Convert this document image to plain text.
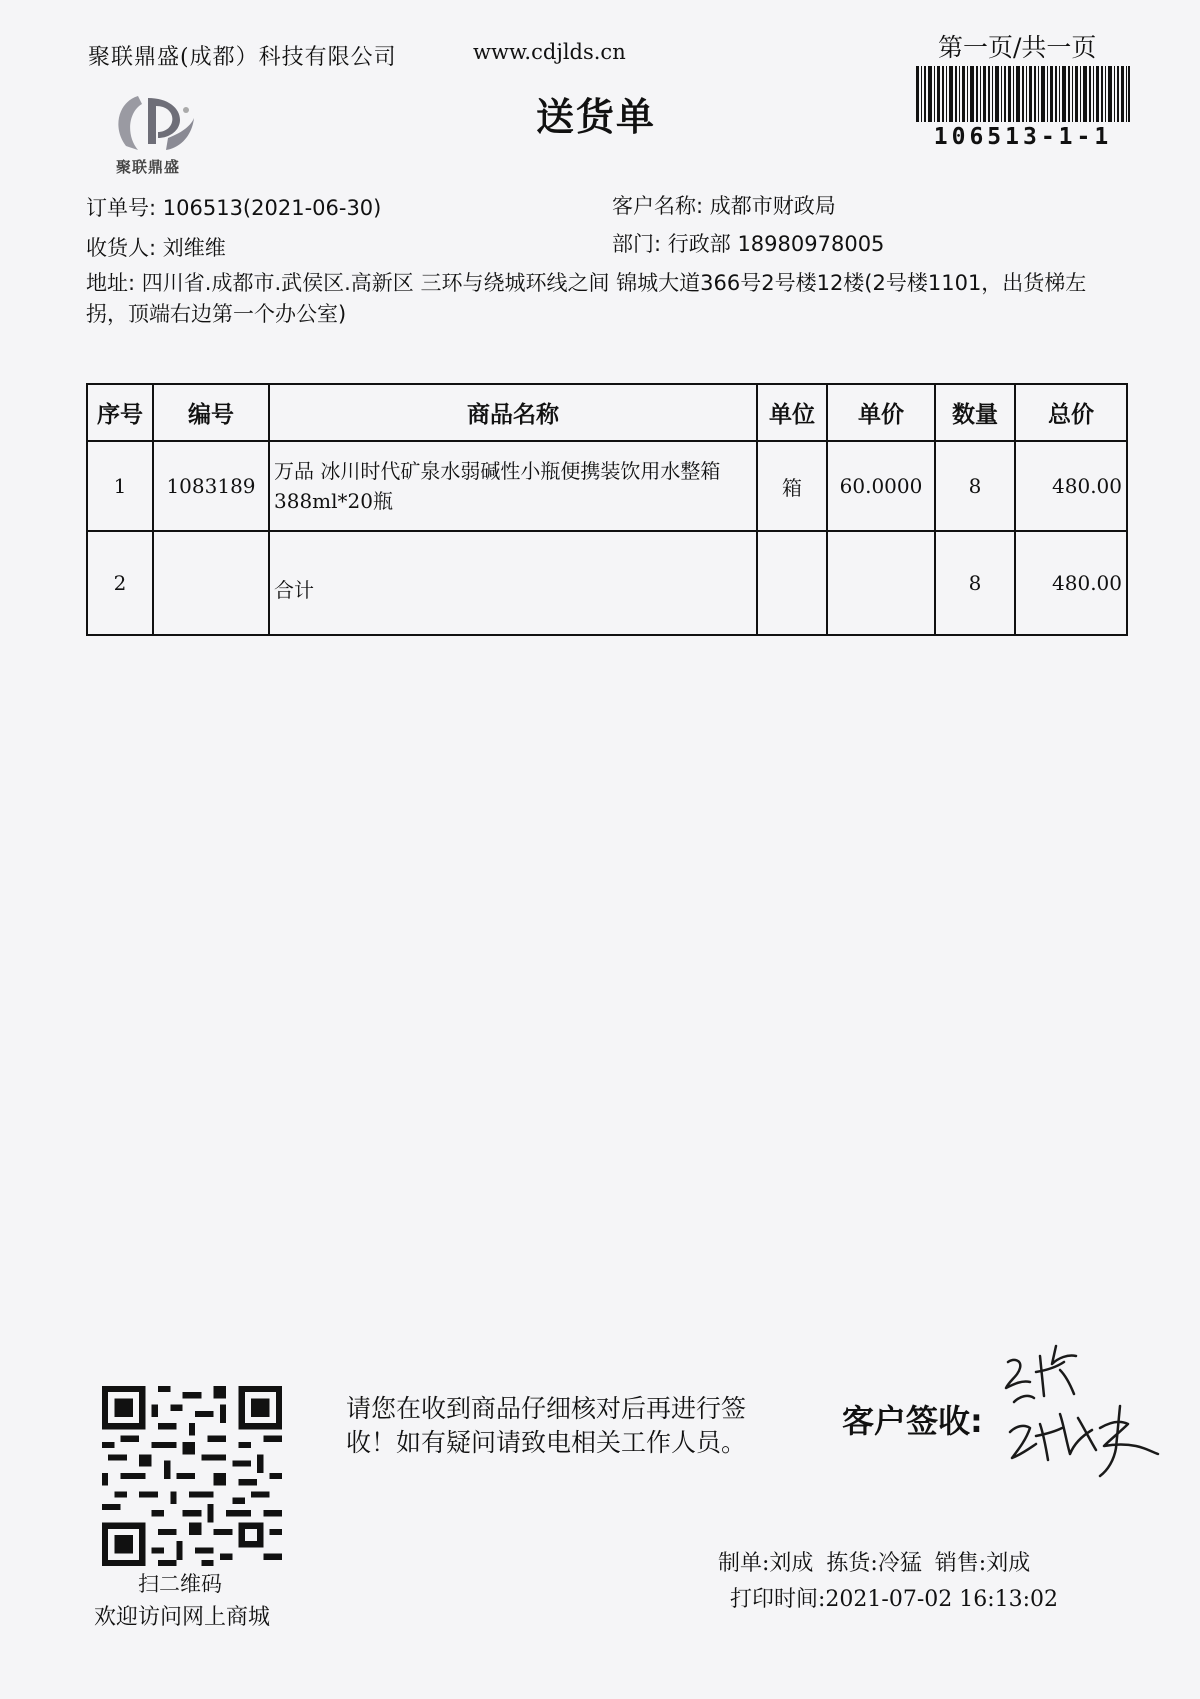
聚联鼎盛(成都）科技有限公司	www.cdjlds.cn	第一页/共一页
106513-1-1
聚联鼎盛
送货单
订单号: 106513(2021-06-30)	客户名称: 成都市财政局
收货人: 刘维维	部门: 行政部 18980978005
地址: 四川省.成都市.武侯区.高新区 三环与绕城环线之间 锦城大道366号2号楼12楼(2号楼1101，出货梯左拐，顶端右边第一个办公室)
序号	编号	商品名称	单位	单价	数量	总价
1	1083189	万品 冰川时代矿泉水弱碱性小瓶便携装饮用水整箱 388ml*20瓶	箱	60.0000	8	480.00
2		合计			8	480.00
扫二维码
欢迎访问网上商城
请您在收到商品仔细核对后再进行签收！如有疑问请致电相关工作人员。
客户签收:
制单:刘成 拣货:冷猛 销售:刘成
打印时间:2021-07-02 16:13:02
